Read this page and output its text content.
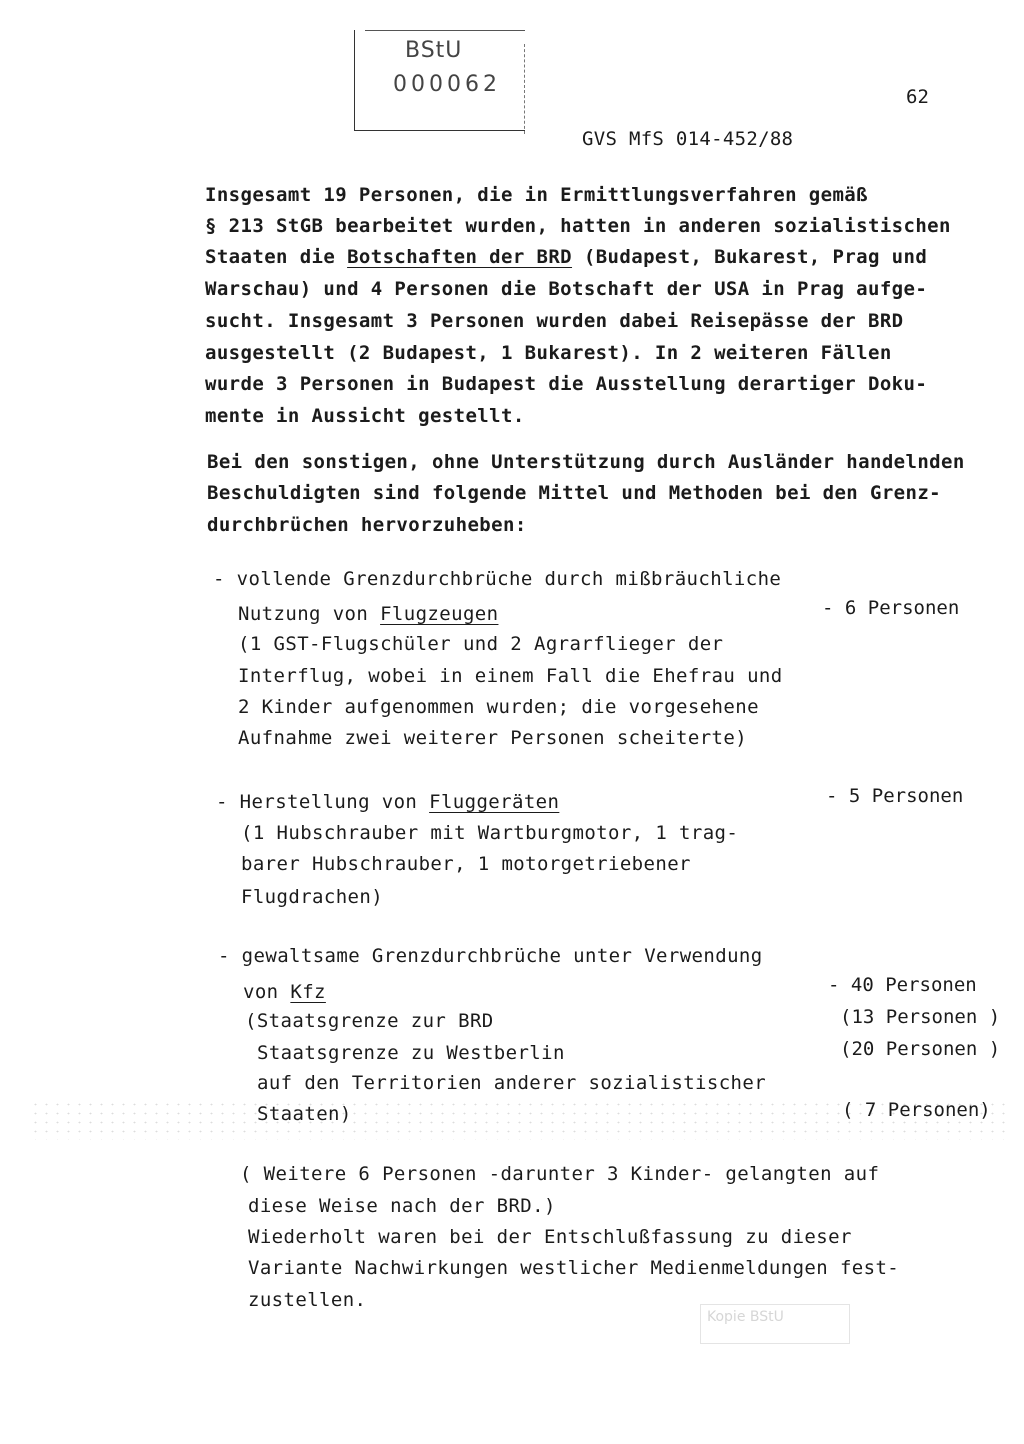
BStU
000062	62
GVS MfS 014-452/88
Insgesamt 19 Personen, die in Ermittlungsverfahren gemäß
§ 213 StGB bearbeitet wurden, hatten in anderen sozialistischen
Staaten die Botschaften der BRD (Budapest, Bukarest, Prag und
Warschau) und 4 Personen die Botschaft der USA in Prag aufge-
sucht. Insgesamt 3 Personen wurden dabei Reisepässe der BRD
ausgestellt (2 Budapest, 1 Bukarest). In 2 weiteren Fällen
wurde 3 Personen in Budapest die Ausstellung derartiger Doku-
mente in Aussicht gestellt.
Bei den sonstigen, ohne Unterstützung durch Ausländer handelnden
Beschuldigten sind folgende Mittel und Methoden bei den Grenz-
durchbrüchen hervorzuheben:
- vollende Grenzdurchbrüche durch mißbräuchliche
Nutzung von Flugzeugen	- 6 Personen
(1 GST-Flugschüler und 2 Agrarflieger der
Interflug, wobei in einem Fall die Ehefrau und
2 Kinder aufgenommen wurden; die vorgesehene
Aufnahme zwei weiterer Personen scheiterte)
- Herstellung von Fluggeräten	- 5 Personen
(1 Hubschrauber mit Wartburgmotor, 1 trag-
barer Hubschrauber, 1 motorgetriebener
Flugdrachen)
- gewaltsame Grenzdurchbrüche unter Verwendung
von Kfz	- 40 Personen
(Staatsgrenze zur BRD	(13 Personen )
Staatsgrenze zu Westberlin	(20 Personen )
auf den Territorien anderer sozialistischer
Staaten)	( 7 Personen)
( Weitere 6 Personen -darunter 3 Kinder- gelangten auf
diese Weise nach der BRD.)
Wiederholt waren bei der Entschlußfassung zu dieser
Variante Nachwirkungen westlicher Medienmeldungen fest-
zustellen.
Kopie BStU
